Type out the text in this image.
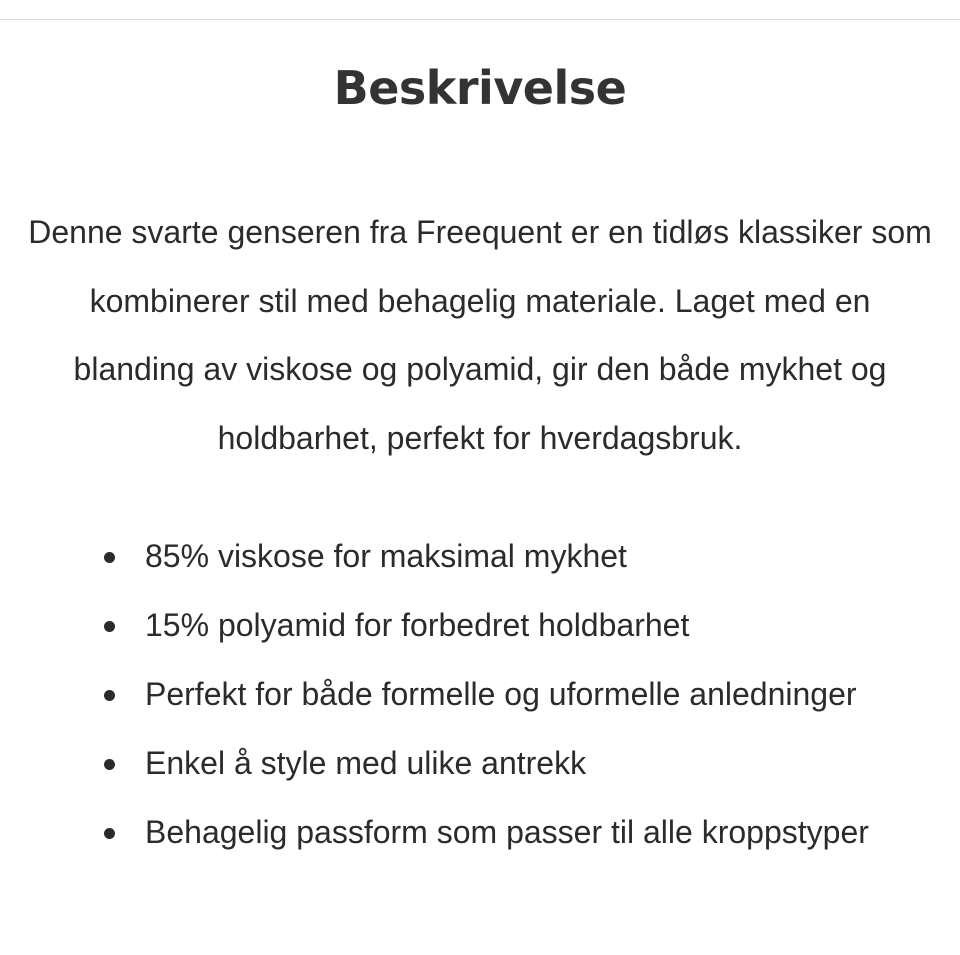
Beskrivelse

Denne svarte genseren fra Freequent er en tidløs klassiker som
kombinerer stil med behagelig materiale. Laget med en
blanding av viskose og polyamid, gir den både mykhet og
holdbarhet, perfekt for hverdagsbruk.

85% viskose for maksimal mykhet
15% polyamid for forbedret holdbarhet
Perfekt for både formelle og uformelle anledninger
Enkel å style med ulike antrekk
Behagelig passform som passer til alle kroppstyper
